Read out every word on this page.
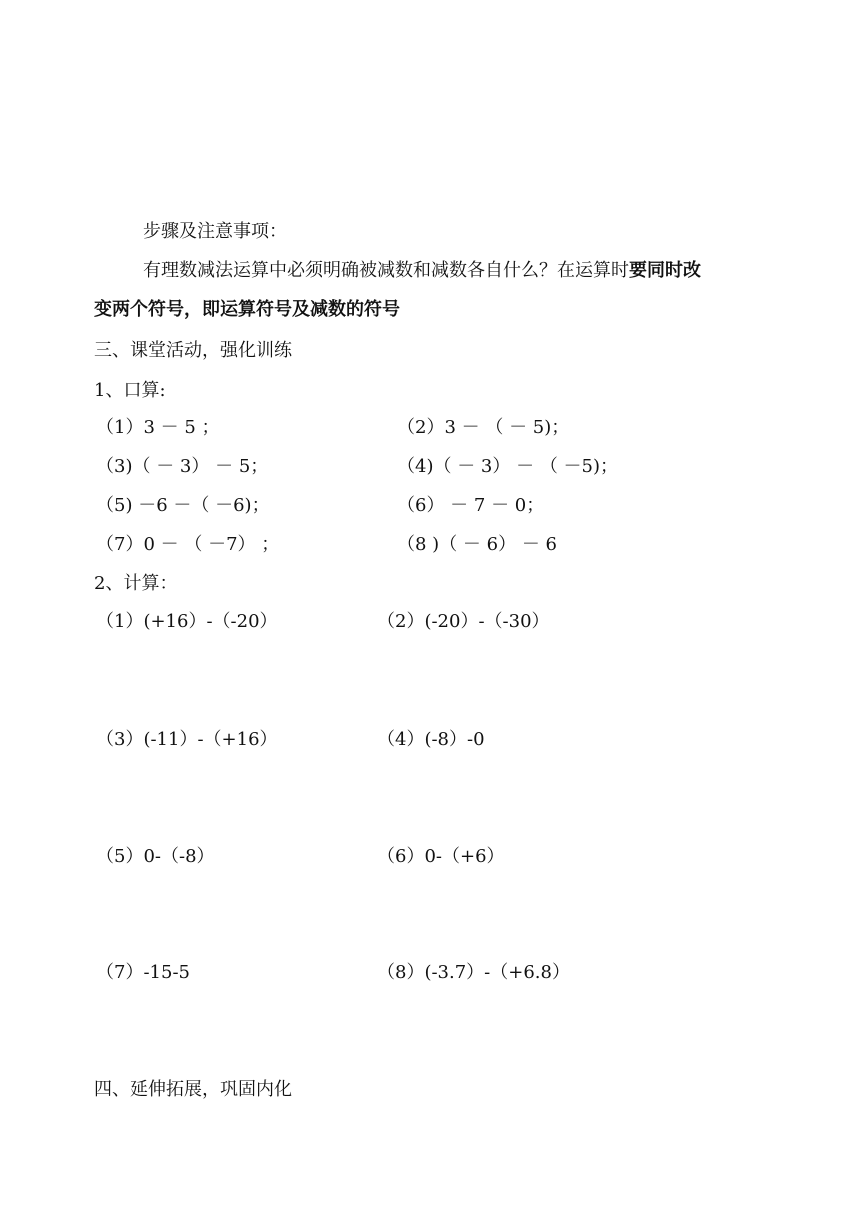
步骤及注意事项：
有理数减法运算中必须明确被减数和减数各自什么？在运算时要同时改
变两个符号，即运算符号及减数的符号
三、课堂活动，强化训练
1、口算:
（1）3 － 5 ；	（2）3 － （ － 5)；
（3)（ － 3） － 5；	（4)（ － 3） － （ －5)；
（5) －6 －（ －6)；	（6） － 7 － 0；
（7）0 － （ －7） ；	（8 )（ － 6） － 6
2、计算：
（1）(+16）-（-20）	（2）(-20）-（-30）
（3）(-11）-（+16）	（4）(-8）-0
（5）0-（-8）	（6）0-（+6）
（7）-15-5	（8）(-3.7）-（+6.8）
四、延伸拓展，巩固内化
